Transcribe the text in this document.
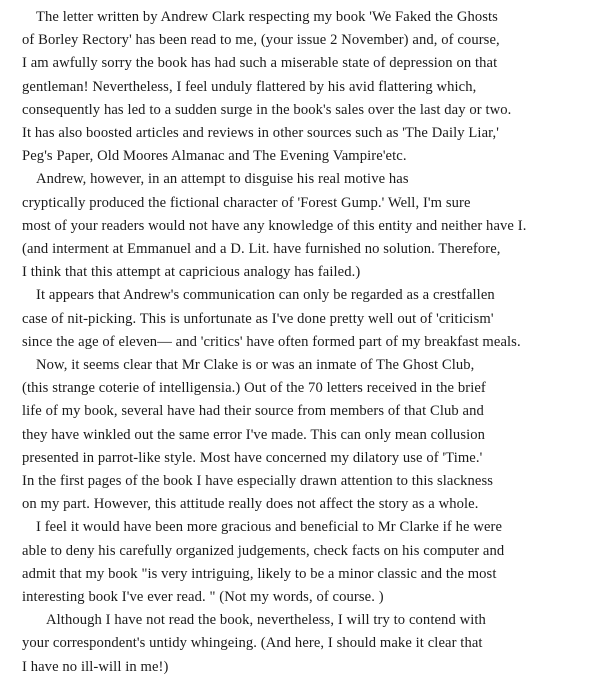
The letter written by Andrew Clark respecting my book 'We Faked the Ghosts
of Borley Rectory' has been read to me, (your issue 2 November) and, of course,
I am awfully sorry the book has had such a miserable state of depression on that
gentleman! Nevertheless, I feel unduly flattered by his avid flattering which,
consequently has led to a sudden surge in the book's sales over the last day or two.
It has also boosted articles and reviews in other sources such as 'The Daily Liar,'
Peg's Paper, Old Moores Almanac and The Evening Vampire'etc.
Andrew, however, in an attempt to disguise his real motive has
cryptically produced the fictional character of 'Forest Gump.' Well, I'm sure
most of your readers would not have any knowledge of this entity and neither have I.
(and interment at Emmanuel and a D. Lit. have furnished no solution. Therefore,
I think that this attempt at capricious analogy has failed.)
It appears that Andrew's communication can only be regarded as a crestfallen
case of nit-picking. This is unfortunate as I've done pretty well out of 'criticism'
since the age of eleven— and 'critics' have often formed part of my breakfast meals.
Now, it seems clear that Mr Clake is or was an inmate of The Ghost Club,
(this strange coterie of intelligensia.) Out of the 70 letters received in the brief
life of my book, several have had their source from members of that Club and
they have winkled out the same error I've made. This can only mean collusion
presented in parrot-like style. Most have concerned my dilatory use of 'Time.'
In the first pages of the book I have especially drawn attention to this slackness
on my part. However, this attitude really does not affect the story as a whole.
I feel it would have been more gracious and beneficial to Mr Clarke if he were
able to deny his carefully organized judgements, check facts on his computer and
admit that my book "is very intriguing, likely to be a minor classic and the most
interesting book I've ever read. " (Not my words, of course. )
Although I have not read the book, nevertheless, I will try to contend with
your correspondent's untidy whingeing. (And here, I should make it clear that
I have no ill-will in me!)
